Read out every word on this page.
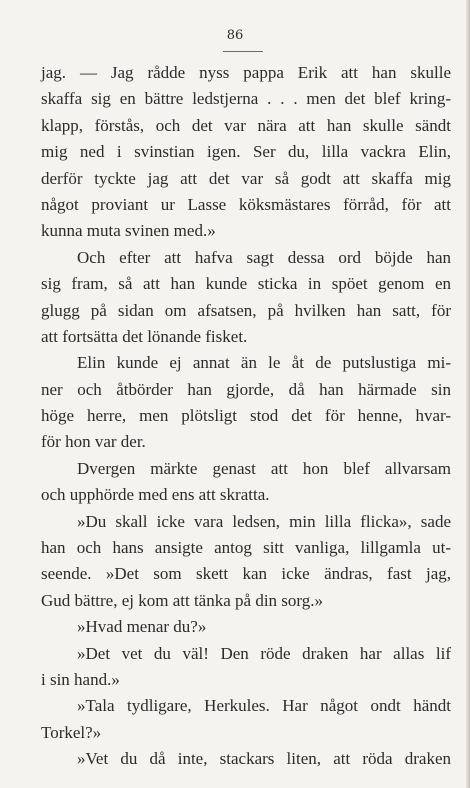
86
jag. — Jag rådde nyss pappa Erik att han skulle
skaffa sig en bättre ledstjerna . . . men det blef kring-
klapp, förstås, och det var nära att han skulle sändt
mig ned i svinstian igen. Ser du, lilla vackra Elin,
derför tyckte jag att det var så godt att skaffa mig
något proviant ur Lasse köksmästares förråd, för att
kunna muta svinen med.»
Och efter att hafva sagt dessa ord böjde han
sig fram, så att han kunde sticka in spöet genom en
glugg på sidan om afsatsen, på hvilken han satt, för
att fortsätta det lönande fisket.
Elin kunde ej annat än le åt de putslustiga mi-
ner och åtbörder han gjorde, då han härmade sin
höge herre, men plötsligt stod det för henne, hvar-
för hon var der.
Dvergen märkte genast att hon blef allvarsam
och upphörde med ens att skratta.
»Du skall icke vara ledsen, min lilla flicka», sade
han och hans ansigte antog sitt vanliga, lillgamla ut-
seende. »Det som skett kan icke ändras, fast jag,
Gud bättre, ej kom att tänka på din sorg.»
»Hvad menar du?»
»Det vet du väl! Den röde draken har allas lif
i sin hand.»
»Tala tydligare, Herkules. Har något ondt händt
Torkel?»
»Vet du då inte, stackars liten, att röda draken
